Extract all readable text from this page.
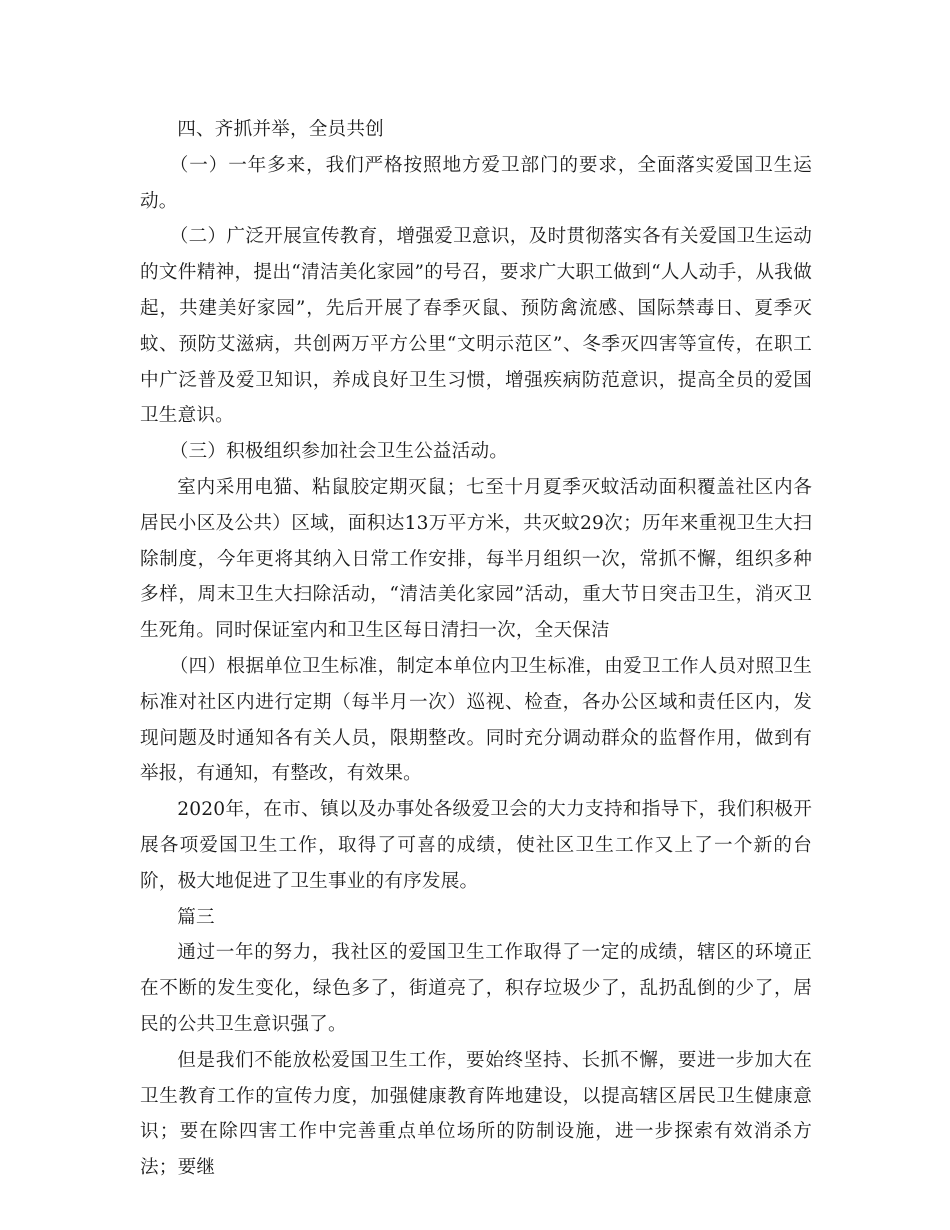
四、齐抓并举，全员共创

（一）一年多来，我们严格按照地方爱卫部门的要求，全面落实爱国卫生运动。

（二）广泛开展宣传教育，增强爱卫意识，及时贯彻落实各有关爱国卫生运动的文件精神，提出“清洁美化家园”的号召，要求广大职工做到“人人动手，从我做起，共建美好家园”，先后开展了春季灭鼠、预防禽流感、国际禁毒日、夏季灭蚊、预防艾滋病，共创两万平方公里“文明示范区”、冬季灭四害等宣传，在职工中广泛普及爱卫知识，养成良好卫生习惯，增强疾病防范意识，提高全员的爱国卫生意识。

（三）积极组织参加社会卫生公益活动。

室内采用电猫、粘鼠胶定期灭鼠；七至十月夏季灭蚊活动面积覆盖社区内各居民小区及公共）区域，面积达13万平方米，共灭蚊29次；历年来重视卫生大扫除制度，今年更将其纳入日常工作安排，每半月组织一次，常抓不懈，组织多种多样，周末卫生大扫除活动，“清洁美化家园”活动，重大节日突击卫生，消灭卫生死角。同时保证室内和卫生区每日清扫一次，全天保洁

（四）根据单位卫生标准，制定本单位内卫生标准，由爱卫工作人员对照卫生标准对社区内进行定期（每半月一次）巡视、检查，各办公区域和责任区内，发现问题及时通知各有关人员，限期整改。同时充分调动群众的监督作用，做到有举报，有通知，有整改，有效果。

2020年，在市、镇以及办事处各级爱卫会的大力支持和指导下，我们积极开展各项爱国卫生工作，取得了可喜的成绩，使社区卫生工作又上了一个新的台阶，极大地促进了卫生事业的有序发展。

篇三

通过一年的努力，我社区的爱国卫生工作取得了一定的成绩，辖区的环境正在不断的发生变化，绿色多了，街道亮了，积存垃圾少了，乱扔乱倒的少了，居民的公共卫生意识强了。

但是我们不能放松爱国卫生工作，要始终坚持、长抓不懈，要进一步加大在卫生教育工作的宣传力度，加强健康教育阵地建设，以提高辖区居民卫生健康意识；要在除四害工作中完善重点单位场所的防制设施，进一步探索有效消杀方法；要继
